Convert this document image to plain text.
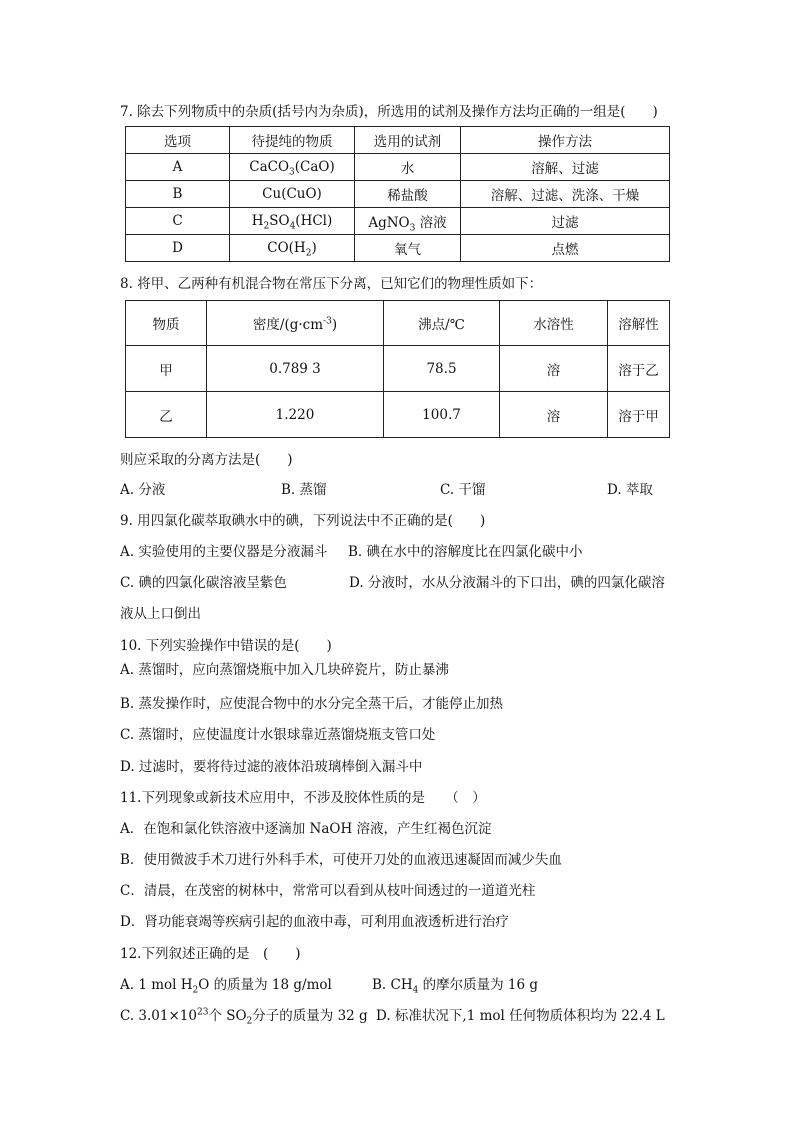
7. 除去下列物质中的杂质(括号内为杂质)，所选用的试剂及操作方法均正确的一组是(　　)
选项	待提纯的物质	选用的试剂	操作方法
A	CaCO$_3$(CaO)	水	溶解、过滤
B	Cu(CuO)	稀盐酸	溶解、过滤、洗涤、干燥
C	$H_2SO_4(HCl)$	AgNO$_3$ 溶液	过滤
D	$CO(H_2)$	氧气	点燃
8. 将甲、乙两种有机混合物在常压下分离，已知它们的物理性质如下：
物质	密度$/(g\cdot cm^{-3})$	沸点/℃	水溶性	溶解性
甲	0.789 3	78.5	溶	溶于乙
乙	1.220	100.7	溶	溶于甲
则应采取的分离方法是(　　)
A. 分液	B. 蒸馏	C. 干馏	D. 萃取
9. 用四氯化碳萃取碘水中的碘，下列说法中不正确的是(　　)
A. 实验使用的主要仪器是分液漏斗 B. 碘在水中的溶解度比在四氯化碳中小
C. 碘的四氯化碳溶液呈紫色	D. 分液时，水从分液漏斗的下口出，碘的四氯化碳溶
液从上口倒出
10. 下列实验操作中错误的是(　　)
A. 蒸馏时，应向蒸馏烧瓶中加入几块碎瓷片，防止暴沸
B. 蒸发操作时，应使混合物中的水分完全蒸干后，才能停止加热
C. 蒸馏时，应使温度计水银球靠近蒸馏烧瓶支管口处
D. 过滤时，要将待过滤的液体沿玻璃棒倒入漏斗中
11.下列现象或新技术应用中，不涉及胶体性质的是　　（　）
A．在饱和氯化铁溶液中逐滴加 NaOH 溶液，产生红褐色沉淀
B．使用微波手术刀进行外科手术，可使开刀处的血液迅速凝固而减少失血
C．清晨，在茂密的树林中，常常可以看到从枝叶间透过的一道道光柱
D．肾功能衰竭等疾病引起的血液中毒，可利用血液透析进行治疗
12.下列叙述正确的是　(　　)
A. 1 mol $H_2O$ 的质量为 18 g/mol	B. $CH_4$ 的摩尔质量为 16 g
C. $3.01\times 10^{23}$个 $SO_2$分子的质量为 32 g D. 标准状况下,1 mol 任何物质体积均为 22.4 L
